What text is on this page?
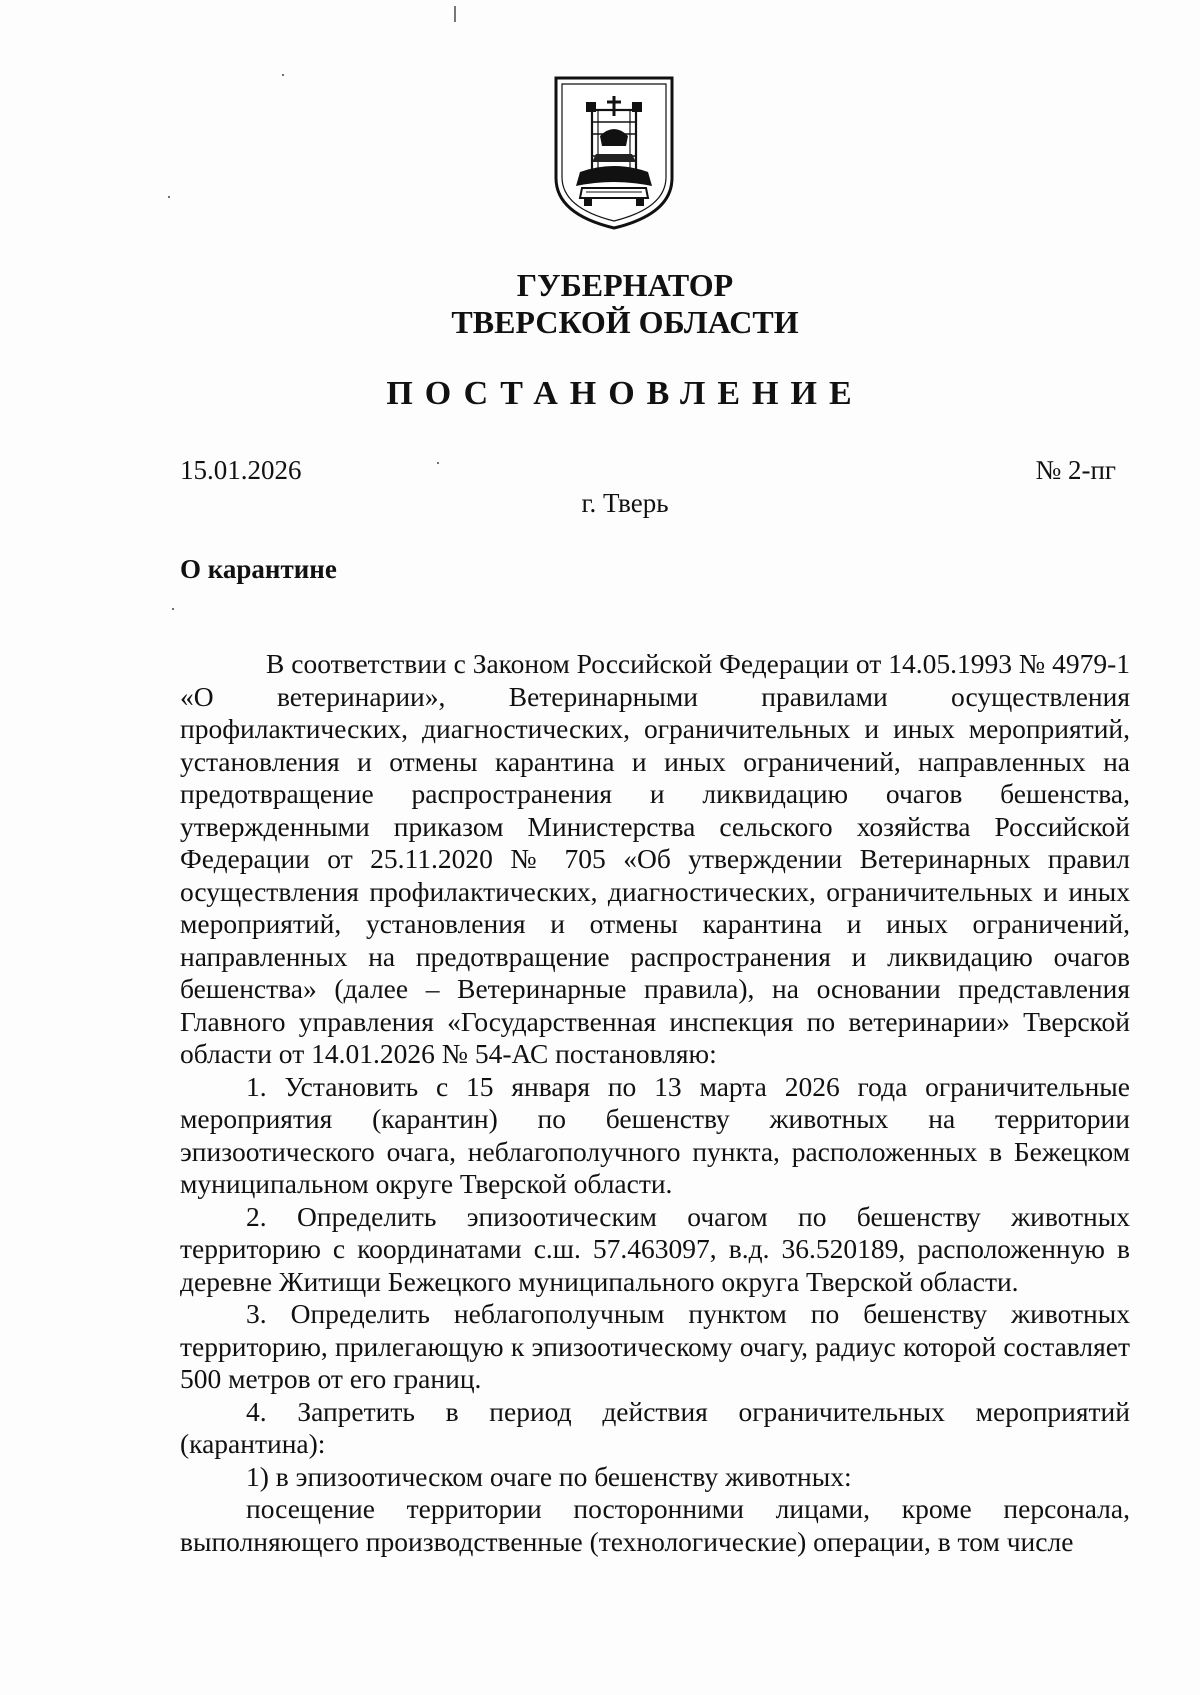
ГУБЕРНАТОР
ТВЕРСКОЙ ОБЛАСТИ
ПОСТАНОВЛЕНИЕ
15.01.2026	№ 2-пг
г. Тверь
О карантине

В соответствии с Законом Российской Федерации от 14.05.1993 № 4979-1 «О ветеринарии», Ветеринарными правилами осуществления профилактических, диагностических, ограничительных и иных мероприятий, установления и отмены карантина и иных ограничений, направленных на предотвращение распространения и ликвидацию очагов бешенства, утвержденными приказом Министерства сельского хозяйства Российской Федерации от 25.11.2020 № 705 «Об утверждении Ветеринарных правил осуществления профилактических, диагностических, ограничительных и иных мероприятий, установления и отмены карантина и иных ограничений, направленных на предотвращение распространения и ликвидацию очагов бешенства» (далее – Ветеринарные правила), на основании представления Главного управления «Государственная инспекция по ветеринарии» Тверской области от 14.01.2026 № 54-АС постановляю:

1. Установить с 15 января по 13 марта 2026 года ограничительные мероприятия (карантин) по бешенству животных на территории эпизоотического очага, неблагополучного пункта, расположенных в Бежецком муниципальном округе Тверской области.

2. Определить эпизоотическим очагом по бешенству животных территорию с координатами с.ш. 57.463097, в.д. 36.520189, расположенную в деревне Житищи Бежецкого муниципального округа Тверской области.

3. Определить неблагополучным пунктом по бешенству животных территорию, прилегающую к эпизоотическому очагу, радиус которой составляет 500 метров от его границ.

4. Запретить в период действия ограничительных мероприятий (карантина):

1) в эпизоотическом очаге по бешенству животных:

посещение территории посторонними лицами, кроме персонала, выполняющего производственные (технологические) операции, в том числе
